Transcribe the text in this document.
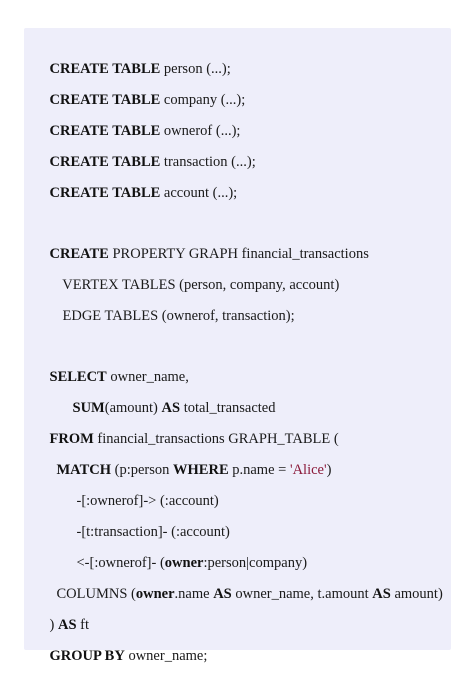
CREATE TABLE person (...);

CREATE TABLE company (...);

CREATE TABLE ownerof (...);

CREATE TABLE transaction (...);

CREATE TABLE account (...);

CREATE PROPERTY GRAPH financial_transactions

VERTEX TABLES (person, company, account)

EDGE TABLES (ownerof, transaction);

SELECT owner_name,

SUM(amount) AS total_transacted

FROM financial_transactions GRAPH_TABLE (

MATCH (p:person WHERE p.name = 'Alice')

-[:ownerof]-> (:account)

-[t:transaction]- (:account)

<-[:ownerof]- (owner:person|company)

COLUMNS (owner.name AS owner_name, t.amount AS amount)

) AS ft

GROUP BY owner_name;
